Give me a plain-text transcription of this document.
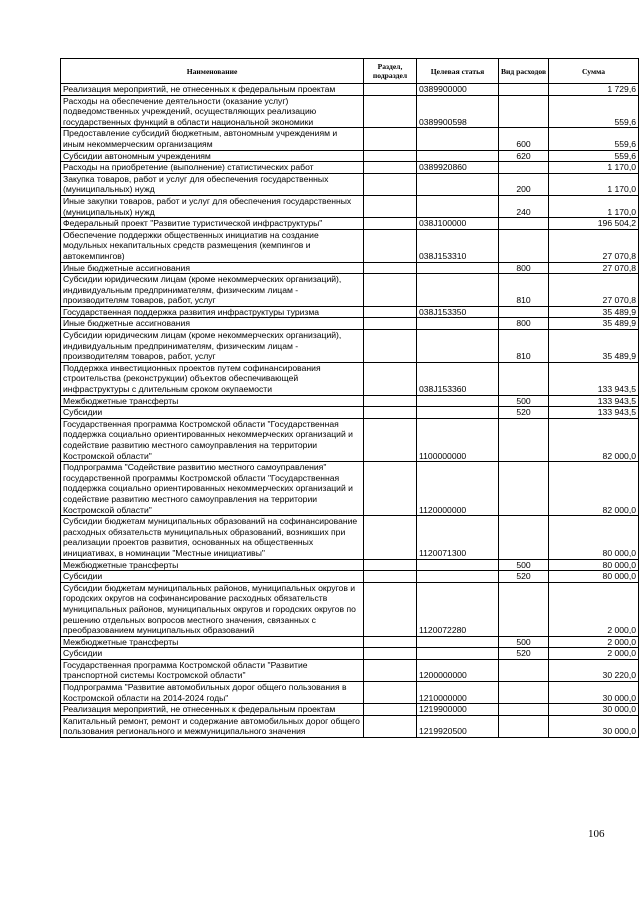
Наименование	Раздел, подраздел	Целевая статья	Вид расходов	Сумма
Реализация мероприятий, не отнесенных к федеральным проектам		0389900000		1 729,6
Расходы на обеспечение деятельности (оказание услуг) подведомственных учреждений, осуществляющих реализацию государственных функций в области национальной экономики		0389900598		559,6
Предоставление субсидий бюджетным, автономным учреждениям и иным некоммерческим организациям			600	559,6
Субсидии автономным учреждениям			620	559,6
Расходы на приобретение (выполнение) статистических работ		0389920860		1 170,0
Закупка товаров, работ и услуг для обеспечения государственных (муниципальных) нужд			200	1 170,0
Иные закупки товаров, работ и услуг для обеспечения государственных (муниципальных) нужд			240	1 170,0
Федеральный проект "Развитие туристической инфраструктуры"		038J100000		196 504,2
Обеспечение поддержки общественных инициатив на создание модульных некапитальных средств размещения (кемпингов и автокемпингов)		038J153310		27 070,8
Иные бюджетные ассигнования			800	27 070,8
Субсидии юридическим лицам (кроме некоммерческих организаций), индивидуальным предпринимателям, физическим лицам - производителям товаров, работ, услуг			810	27 070,8
Государственная поддержка развития инфраструктуры туризма		038J153350		35 489,9
Иные бюджетные ассигнования			800	35 489,9
Субсидии юридическим лицам (кроме некоммерческих организаций), индивидуальным предпринимателям, физическим лицам - производителям товаров, работ, услуг			810	35 489,9
Поддержка инвестиционных проектов путем софинансирования строительства (реконструкции) объектов обеспечивающей инфраструктуры с длительным сроком окупаемости		038J153360		133 943,5
Межбюджетные трансферты			500	133 943,5
Субсидии			520	133 943,5
Государственная программа Костромской области "Государственная поддержка социально ориентированных некоммерческих организаций и содействие развитию местного самоуправления на территории Костромской области"		1100000000		82 000,0
Подпрограмма "Содействие развитию местного самоуправления" государственной программы Костромской области "Государственная поддержка социально ориентированных некоммерческих организаций и содействие развитию местного самоуправления на территории Костромской области"		1120000000		82 000,0
Субсидии бюджетам муниципальных образований на софинансирование расходных обязательств муниципальных образований, возникших при реализации проектов развития, основанных на общественных инициативах, в номинации "Местные инициативы"		1120071300		80 000,0
Межбюджетные трансферты			500	80 000,0
Субсидии			520	80 000,0
Субсидии бюджетам муниципальных районов, муниципальных округов и городских округов на софинансирование расходных обязательств муниципальных районов, муниципальных округов и городских округов по решению отдельных вопросов местного значения, связанных с преобразованием муниципальных образований		1120072280		2 000,0
Межбюджетные трансферты			500	2 000,0
Субсидии			520	2 000,0
Государственная программа Костромской области "Развитие транспортной системы Костромской области"		1200000000		30 220,0
Подпрограмма "Развитие автомобильных дорог общего пользования в Костромской области на 2014-2024 годы"		1210000000		30 000,0
Реализация мероприятий, не отнесенных к федеральным проектам		1219900000		30 000,0
Капитальный ремонт, ремонт и содержание автомобильных дорог общего пользования регионального и межмуниципального значения		1219920500		30 000,0
106
